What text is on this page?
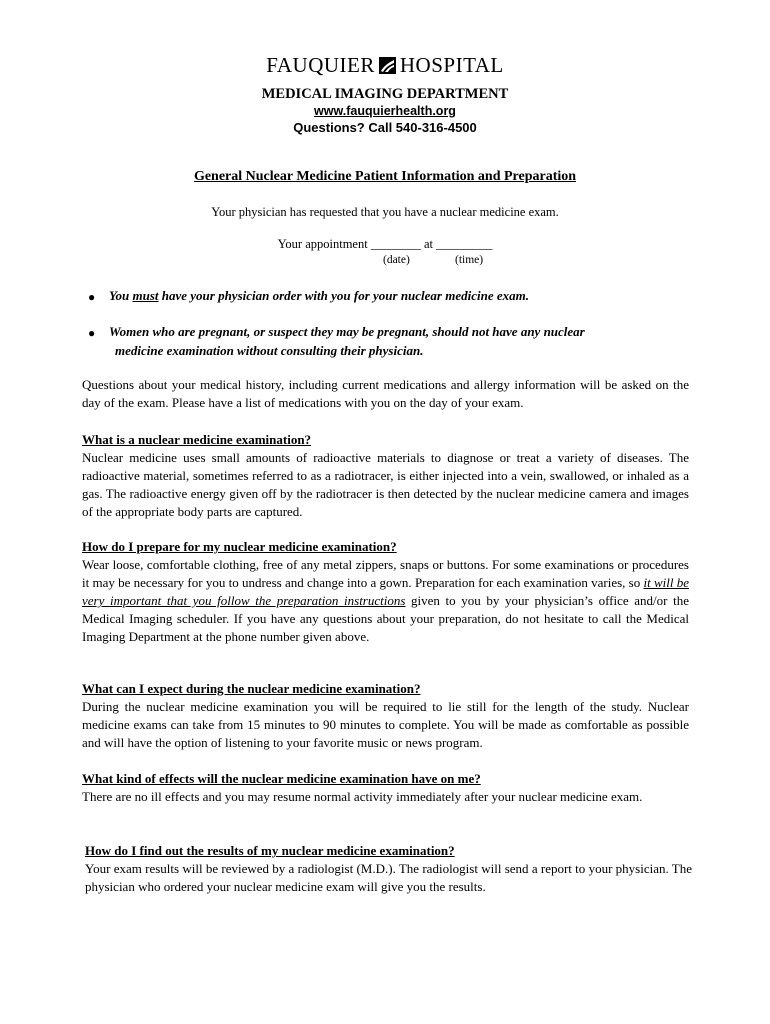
FAUQUIER HOSPITAL
MEDICAL IMAGING DEPARTMENT
www.fauquierhealth.org
Questions? Call 540-316-4500
General Nuclear Medicine Patient Information and Preparation
Your physician has requested that you have a nuclear medicine exam.
Your appointment ________ at _________
(date)	(time)
● You must have your physician order with you for your nuclear medicine exam.
● Women who are pregnant, or suspect they may be pregnant, should not have any nuclear
medicine examination without consulting their physician.

Questions about your medical history, including current medications and allergy information will be asked on the day of the exam. Please have a list of medications with you on the day of your exam.

What is a nuclear medicine examination?

Nuclear medicine uses small amounts of radioactive materials to diagnose or treat a variety of diseases. The radioactive material, sometimes referred to as a radiotracer, is either injected into a vein, swallowed, or inhaled as a gas. The radioactive energy given off by the radiotracer is then detected by the nuclear medicine camera and images of the appropriate body parts are captured.

How do I prepare for my nuclear medicine examination?

Wear loose, comfortable clothing, free of any metal zippers, snaps or buttons. For some examinations or procedures it may be necessary for you to undress and change into a gown. Preparation for each examination varies, so it will be very important that you follow the preparation instructions given to you by your physician’s office and/or the Medical Imaging scheduler. If you have any questions about your preparation, do not hesitate to call the Medical Imaging Department at the phone number given above.

What can I expect during the nuclear medicine examination?

During the nuclear medicine examination you will be required to lie still for the length of the study. Nuclear medicine exams can take from 15 minutes to 90 minutes to complete. You will be made as comfortable as possible and will have the option of listening to your favorite music or news program.

What kind of effects will the nuclear medicine examination have on me?

There are no ill effects and you may resume normal activity immediately after your nuclear medicine exam.

How do I find out the results of my nuclear medicine examination?

Your exam results will be reviewed by a radiologist (M.D.). The radiologist will send a report to your physician. The physician who ordered your nuclear medicine exam will give you the results.
